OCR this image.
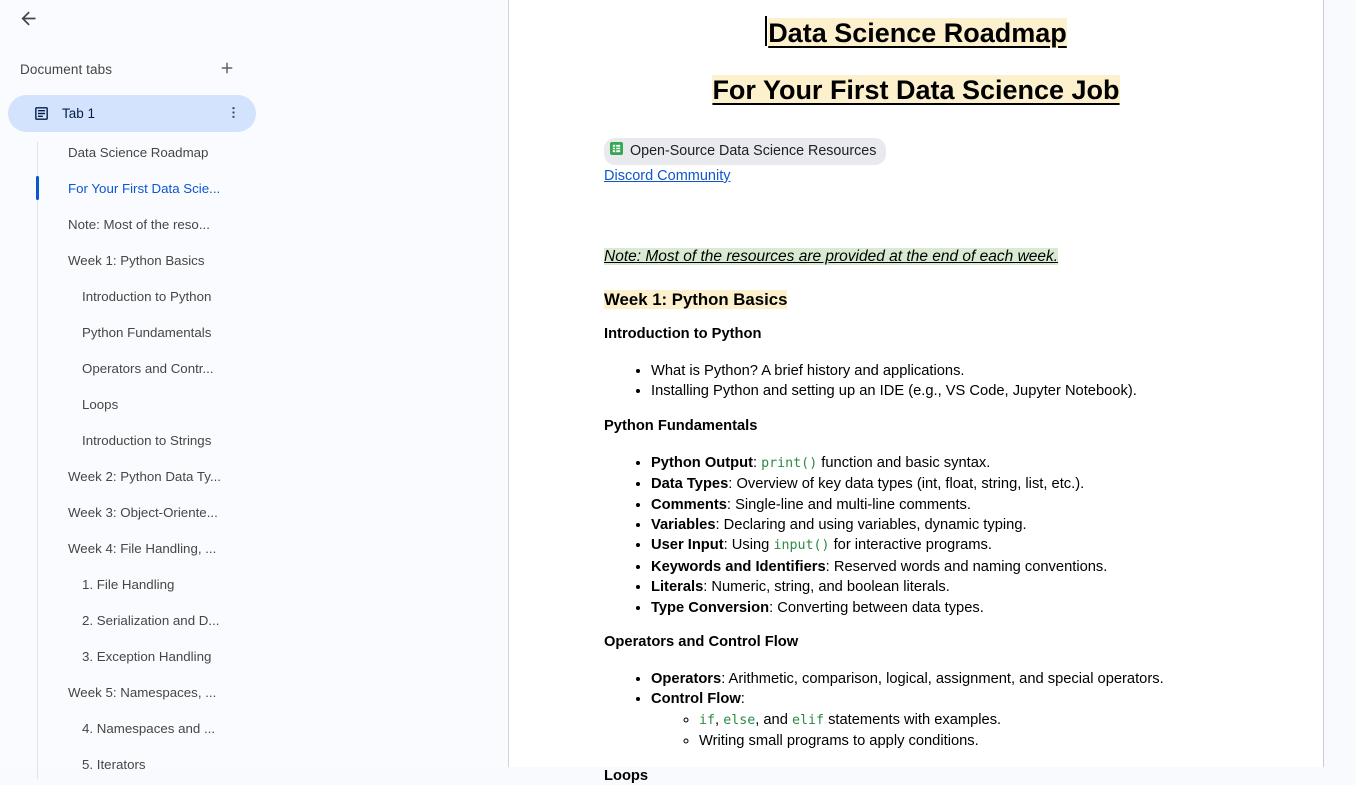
Document tabs
Tab 1
Data Science Roadmap
For Your First Data Scie...
Note: Most of the reso...
Week 1: Python Basics
Introduction to Python
Python Fundamentals
Operators and Contr...
Loops
Introduction to Strings
Week 2: Python Data Ty...
Week 3: Object-Oriente...
Week 4: File Handling, ...
1. File Handling
2. Serialization and D...
3. Exception Handling
Week 5: Namespaces, ...
4. Namespaces and ...
5. Iterators
Data Science Roadmap
For Your First Data Science Job

Open-Source Data Science Resources

Discord Community

Note: Most of the resources are provided at the end of each week.

Week 1: Python Basics
Introduction to Python
• What is Python? A brief history and applications.
• Installing Python and setting up an IDE (e.g., VS Code, Jupyter Notebook).
Python Fundamentals
• Python Output: print() function and basic syntax.
• Data Types: Overview of key data types (int, float, string, list, etc.).
• Comments: Single-line and multi-line comments.
• Variables: Declaring and using variables, dynamic typing.
• User Input: Using input() for interactive programs.
• Keywords and Identifiers: Reserved words and naming conventions.
• Literals: Numeric, string, and boolean literals.
• Type Conversion: Converting between data types.
Operators and Control Flow
• Operators: Arithmetic, comparison, logical, assignment, and special operators.
• Control Flow:
◦ if, else, and elif statements with examples.
◦ Writing small programs to apply conditions.
Loops
